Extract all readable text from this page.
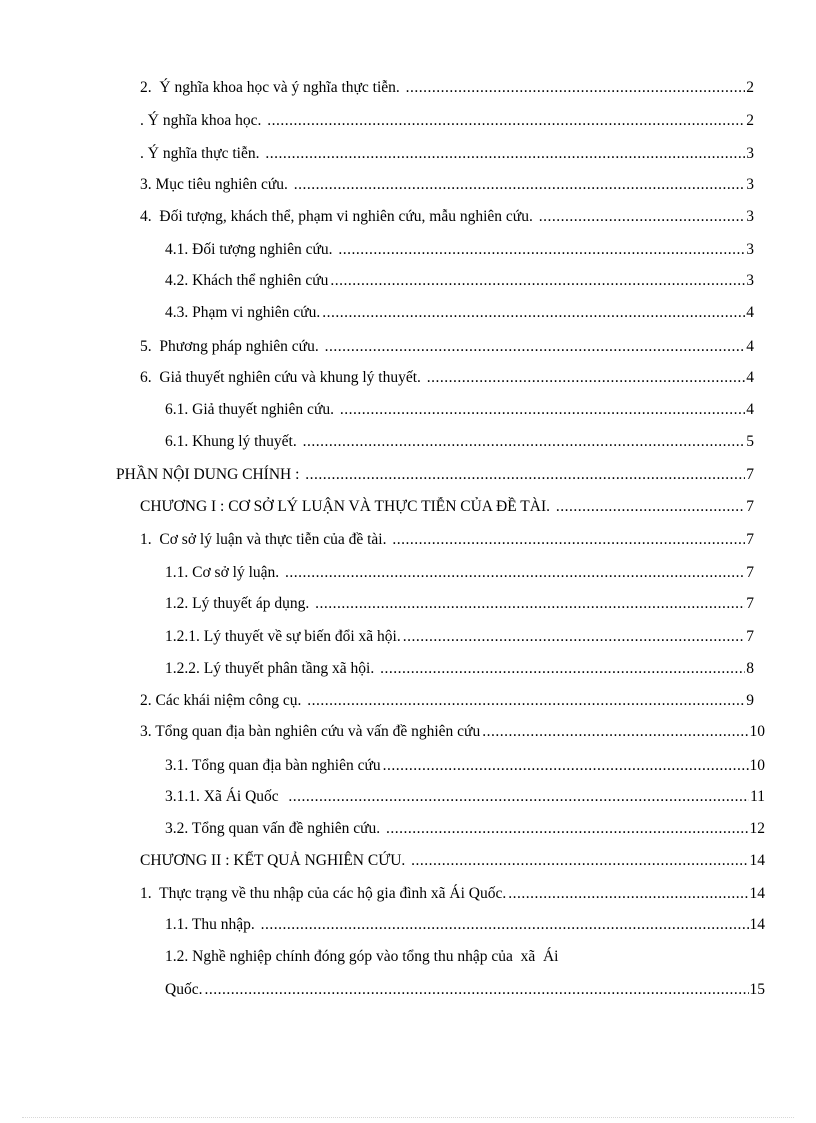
2.  Ý nghĩa khoa học và ý nghĩa thực tiễn. .....	2
. Ý nghĩa khoa học. .....	2
. Ý nghĩa thực tiễn. .....	3
3. Mục tiêu nghiên cứu. .....	3
4.  Đối tượng, khách thể, phạm vi nghiên cứu, mẫu nghiên cứu. .....	3
4.1. Đối tượng nghiên cứu. .....	3
4.2. Khách thể nghiên cứu .....	3
4.3. Phạm vi nghiên cứu. .....	4
5.  Phương pháp nghiên cứu. .....	4
6.  Giả thuyết nghiên cứu và khung lý thuyết. .....	4
6.1. Giả thuyết nghiên cứu. .....	4
6.1. Khung lý thuyết. .....	5
PHẦN NỘI DUNG CHÍNH : .....	7
CHƯƠNG I : CƠ SỞ LÝ LUẬN VÀ THỰC TIỄN CỦA ĐỀ TÀI. .....	7
1.  Cơ sở lý luận và thực tiễn của đề tài. .....	7
1.1. Cơ sở lý luận. .....	7
1.2. Lý thuyết áp dụng. .....	7
1.2.1. Lý thuyết về sự biến đổi xã hội. .....	7
1.2.2. Lý thuyết phân tầng xã hội. .....	8
2. Các khái niệm công cụ. .....	9
3. Tổng quan địa bàn nghiên cứu và vấn đề nghiên cứu .....	10
3.1. Tổng quan địa bàn nghiên cứu .....	10
3.1.1. Xã Ái Quốc .....	11
3.2. Tổng quan vấn đề nghiên cứu. .....	12
CHƯƠNG II : KẾT QUẢ NGHIÊN CỨU. .....	14
1.  Thực trạng về thu nhập của các hộ gia đình xã Ái Quốc. .....	14
1.1. Thu nhập. .....	14
1.2. Nghề nghiệp chính đóng góp vào tổng thu nhập của  xã  Ái
Quốc. .....	15
